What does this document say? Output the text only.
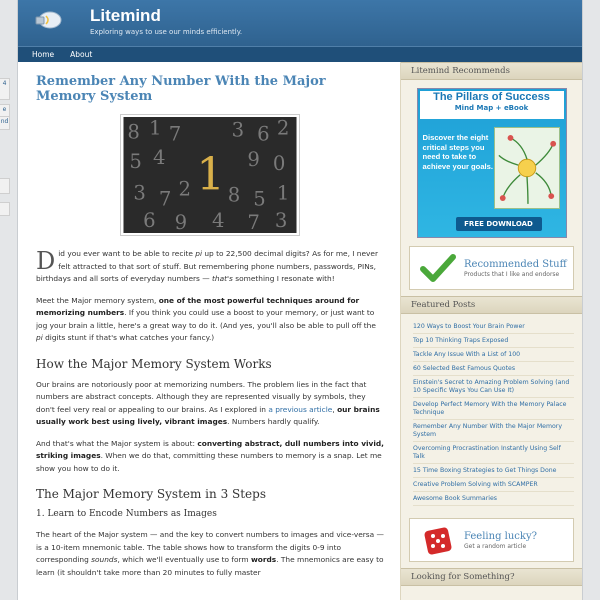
Litemind
Exploring ways to use our minds efficiently.
Home About
Remember Any Number With the Major Memory System
8 1 7	3 6 2
5 4	9 0
3 7 2 8 5 1
6 9 4 7 3
1

Did you ever want to be able to recite pi up to 22,500 decimal digits? As for me, I never felt attracted to that sort of stuff. But remembering phone numbers, passwords, PINs, birthdays and all sorts of everyday numbers — that's something I resonate with!

Meet the Major memory system, one of the most powerful techniques around for memorizing numbers. If you think you could use a boost to your memory, or just want to jog your brain a little, here's a great way to do it. (And yes, you'll also be able to pull off the pi digits stunt if that's what catches your fancy.)

How the Major Memory System Works

Our brains are notoriously poor at memorizing numbers. The problem lies in the fact that numbers are abstract concepts. Although they are represented visually by symbols, they don't feel very real or appealing to our brains. As I explored in a previous article, our brains usually work best using lively, vibrant images. Numbers hardly qualify.

And that's what the Major system is about: converting abstract, dull numbers into vivid, striking images. When we do that, committing these numbers to memory is a snap. Let me show you how to do it.

The Major Memory System in 3 Steps
1. Learn to Encode Numbers as Images

The heart of the Major system — and the key to convert numbers to images and vice-versa — is a 10-item mnemonic table. The table shows how to transform the digits 0-9 into corresponding sounds, which we'll eventually use to form words. The mnemonics are easy to learn (it shouldn't take more than 20 minutes to fully master

Litemind Recommends
The Pillars of Success
Mind Map + eBook
Discover the eight critical steps you need to take to achieve your goals.
FREE DOWNLOAD
Recommended Stuff
Products that I like and endorse
Featured Posts
120 Ways to Boost Your Brain Power
Top 10 Thinking Traps Exposed
Tackle Any Issue With a List of 100
60 Selected Best Famous Quotes
Einstein's Secret to Amazing Problem Solving (and 10 Specific Ways You Can Use It)
Develop Perfect Memory With the Memory Palace Technique
Remember Any Number With the Major Memory System
Overcoming Procrastination Instantly Using Self Talk
15 Time Boxing Strategies to Get Things Done
Creative Problem Solving with SCAMPER
Awesome Book Summaries
Feeling lucky?
Get a random article
Looking for Something?
4
e
nd
